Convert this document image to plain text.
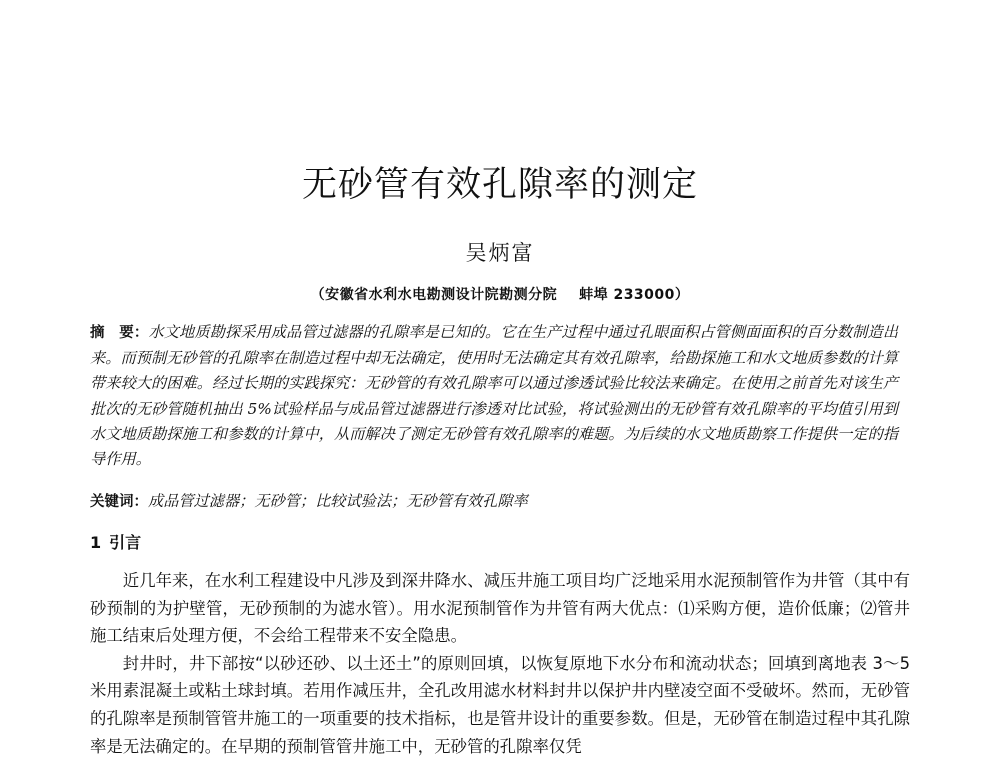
无砂管有效孔隙率的测定
吴炳富
（安徽省水利水电勘测设计院勘测分院 蚌埠 233000）

摘　要：水文地质勘探采用成品管过滤器的孔隙率是已知的。它在生产过程中通过孔眼面积占管侧面面积的百分数制造出来。而预制无砂管的孔隙率在制造过程中却无法确定，使用时无法确定其有效孔隙率，给勘探施工和水文地质参数的计算带来较大的困难。经过长期的实践探究：无砂管的有效孔隙率可以通过渗透试验比较法来确定。在使用之前首先对该生产批次的无砂管随机抽出 5%试验样品与成品管过滤器进行渗透对比试验，将试验测出的无砂管有效孔隙率的平均值引用到水文地质勘探施工和参数的计算中，从而解决了测定无砂管有效孔隙率的难题。为后续的水文地质勘察工作提供一定的指导作用。

关键词：成品管过滤器；无砂管；比较试验法；无砂管有效孔隙率

1 引言

近几年来，在水利工程建设中凡涉及到深井降水、减压井施工项目均广泛地采用水泥预制管作为井管（其中有砂预制的为护壁管，无砂预制的为滤水管）。用水泥预制管作为井管有两大优点：⑴采购方便，造价低廉；⑵管井施工结束后处理方便，不会给工程带来不安全隐患。

封井时，井下部按“以砂还砂、以土还土”的原则回填，以恢复原地下水分布和流动状态；回填到离地表 3～5 米用素混凝土或粘土球封填。若用作减压井，全孔改用滤水材料封井以保护井内壁凌空面不受破坏。然而，无砂管的孔隙率是预制管管井施工的一项重要的技术指标，也是管井设计的重要参数。但是，无砂管在制造过程中其孔隙率是无法确定的。在早期的预制管管井施工中，无砂管的孔隙率仅凭
